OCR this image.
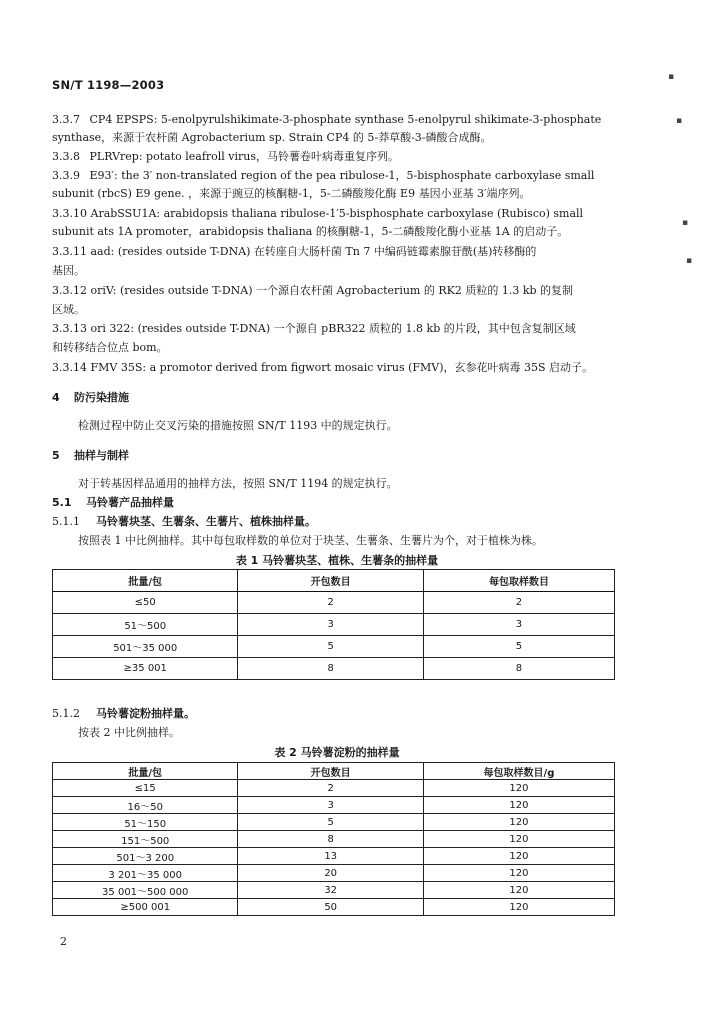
SN/T 1198—2003
3.3.7 CP4 EPSPS: 5-enolpyrulshikimate-3-phosphate synthase 5-enolpyrul shikimate-3-phosphate
synthase，来源于农杆菌 Agrobacterium sp. Strain CP4 的 5-莽草酸-3-磷酸合成酶。
3.3.8 PLRVrep: potato leafroll virus，马铃薯卷叶病毒重复序列。
3.3.9 E93′: the 3′ non-translated region of the pea ribulose-1，5-bisphosphate carboxylase small
subunit (rbcS) E9 gene. ，来源于豌豆的核酮糖-1，5-二磷酸羧化酶 E9 基因小亚基 3′端序列。
3.3.10 ArabSSU1A: arabidopsis thaliana ribulose-1′5-bisphosphate carboxylase (Rubisco) small
subunit ats 1A promoter，arabidopsis thaliana 的核酮糖-1，5-二磷酸羧化酶小亚基 1A 的启动子。
3.3.11 aad: (resides outside T-DNA) 在转座自大肠杆菌 Tn 7 中编码链霉素腺苷酰(基)转移酶的
基因。
3.3.12 oriV: (resides outside T-DNA) 一个源自农杆菌 Agrobacterium 的 RK2 质粒的 1.3 kb 的复制
区域。
3.3.13 ori 322: (resides outside T-DNA) 一个源自 pBR322 质粒的 1.8 kb 的片段，其中包含复制区域
和转移结合位点 bom。
3.3.14 FMV 35S: a promotor derived from figwort mosaic virus (FMV)，玄参花叶病毒 35S 启动子。
4 防污染措施
检测过程中防止交叉污染的措施按照 SN/T 1193 中的规定执行。
5 抽样与制样
对于转基因样品通用的抽样方法，按照 SN/T 1194 的规定执行。
5.1 马铃薯产品抽样量
5.1.1 马铃薯块茎、生薯条、生薯片、植株抽样量。
按照表 1 中比例抽样。其中每包取样数的单位对于块茎、生薯条、生薯片为个，对于植株为株。
表 1 马铃薯块茎、植株、生薯条的抽样量
批量/包	开包数目	每包取样数目
≤50	2	2
51～500	3	3
501～35 000	5	5
≥35 001	8	8
5.1.2 马铃薯淀粉抽样量。
按表 2 中比例抽样。
表 2 马铃薯淀粉的抽样量
批量/包	开包数目	每包取样数目/g
≤15	2	120
16～50	3	120
51～150	5	120
151～500	8	120
501～3 200	13	120
3 201～35 000	20	120
35 001～500 000	32	120
≥500 001	50	120
2
▪
▪
▪
▪
